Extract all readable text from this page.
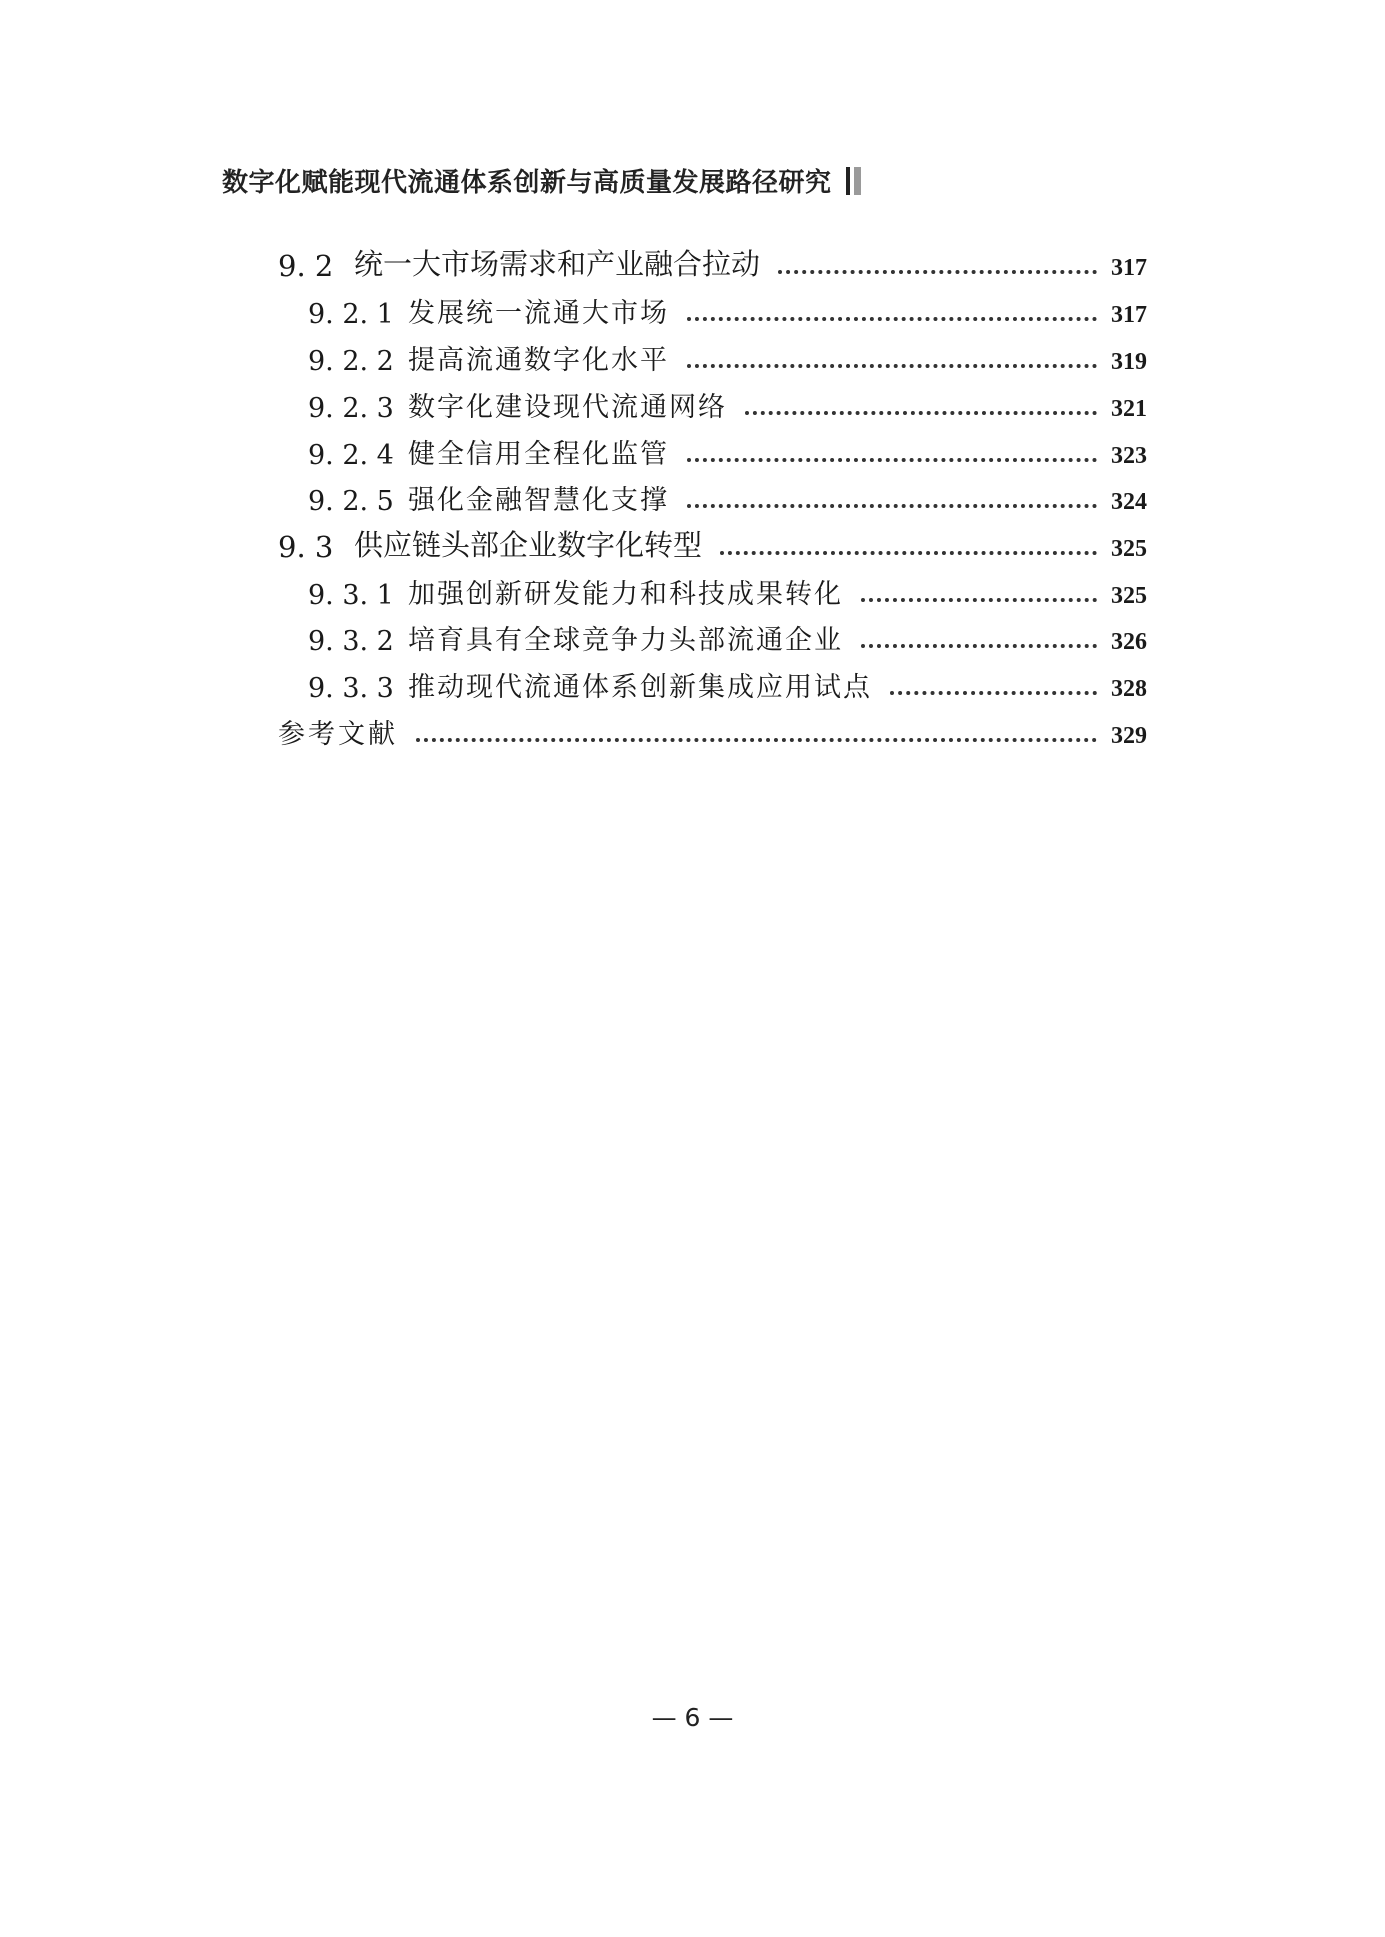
数字化赋能现代流通体系创新与高质量发展路径研究
9. 2 统一大市场需求和产业融合拉动	317
9. 2. 1 发展统一流通大市场	317
9. 2. 2 提高流通数字化水平	319
9. 2. 3 数字化建设现代流通网络	321
9. 2. 4 健全信用全程化监管	323
9. 2. 5 强化金融智慧化支撑	324
9. 3 供应链头部企业数字化转型	325
9. 3. 1 加强创新研发能力和科技成果转化	325
9. 3. 2 培育具有全球竞争力头部流通企业	326
9. 3. 3 推动现代流通体系创新集成应用试点	328
参考文献	329
— 6 —
